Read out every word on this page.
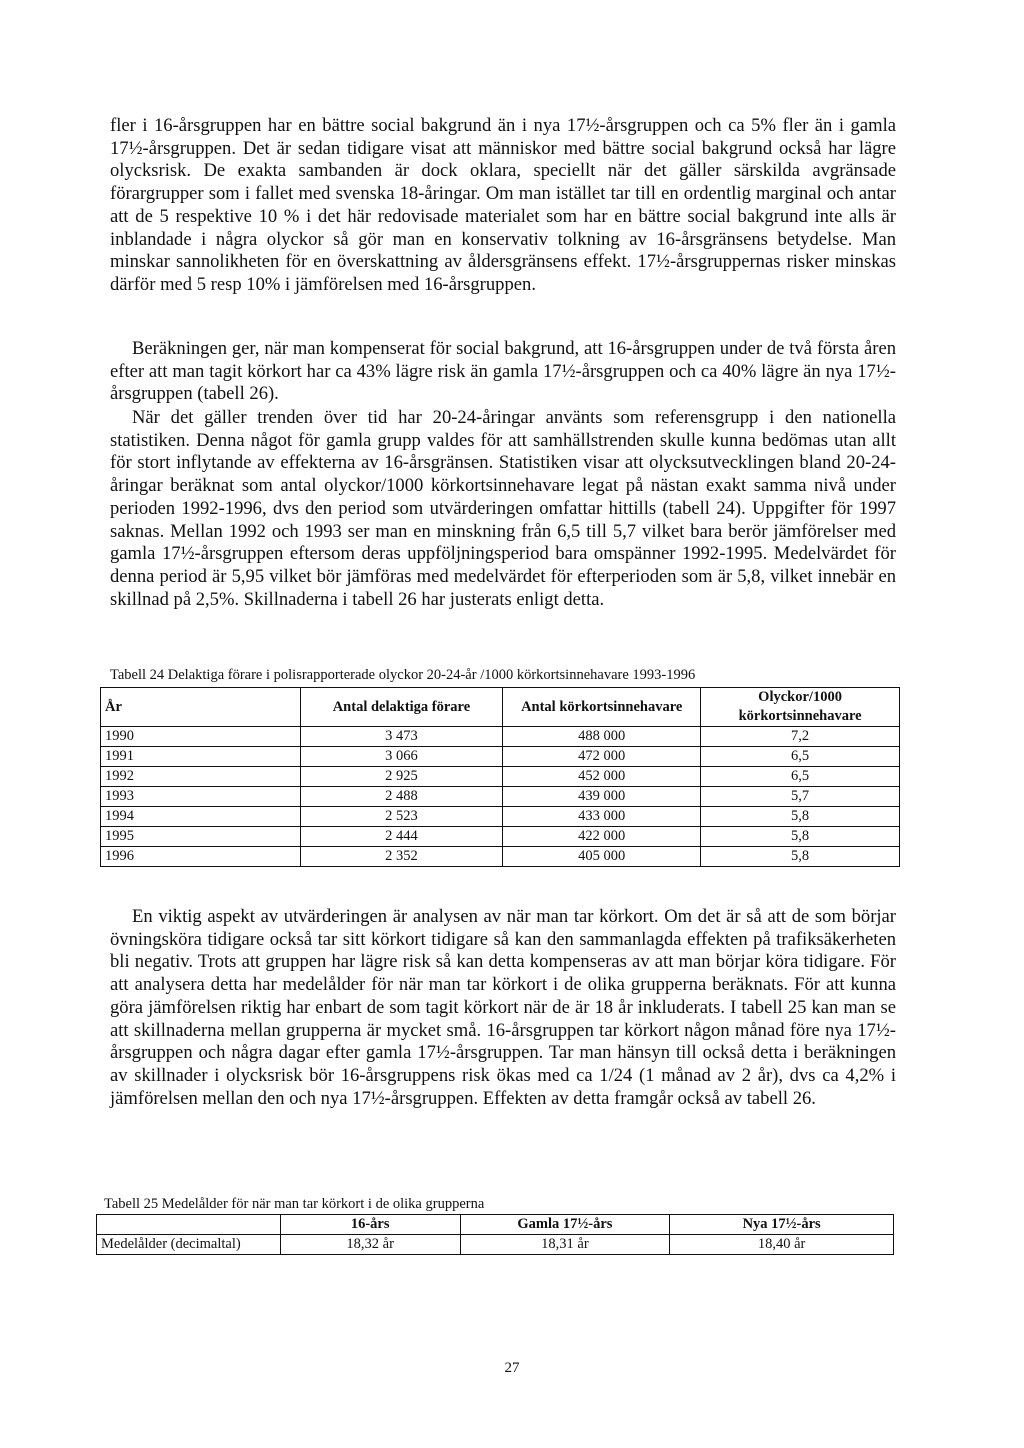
fler i 16-årsgruppen har en bättre social bakgrund än i nya 17½-årsgruppen och ca 5% fler än i gamla 17½-årsgruppen. Det är sedan tidigare visat att människor med bättre social bakgrund också har lägre olycksrisk. De exakta sambanden är dock oklara, speciellt när det gäller särskilda avgränsade förargrupper som i fallet med svenska 18-åringar. Om man istället tar till en ordentlig marginal och antar att de 5 respektive 10 % i det här redovisade materialet som har en bättre social bakgrund inte alls är inblandade i några olyckor så gör man en konservativ tolkning av 16-årsgränsens betydelse. Man minskar sannolikheten för en överskattning av åldersgränsens effekt. 17½-årsgruppernas risker minskas därför med 5 resp 10% i jämförelsen med 16-årsgruppen.

Beräkningen ger, när man kompenserat för social bakgrund, att 16-årsgruppen under de två första åren efter att man tagit körkort har ca 43% lägre risk än gamla 17½-årsgruppen och ca 40% lägre än nya 17½-årsgruppen (tabell 26).

När det gäller trenden över tid har 20-24-åringar använts som referensgrupp i den nationella statistiken. Denna något för gamla grupp valdes för att samhällstrenden skulle kunna bedömas utan allt för stort inflytande av effekterna av 16-årsgränsen. Statistiken visar att olycksutvecklingen bland 20-24-åringar beräknat som antal olyckor/1000 körkortsinnehavare legat på nästan exakt samma nivå under perioden 1992-1996, dvs den period som utvärderingen omfattar hittills (tabell 24). Uppgifter för 1997 saknas. Mellan 1992 och 1993 ser man en minskning från 6,5 till 5,7 vilket bara berör jämförelser med gamla 17½-årsgruppen eftersom deras uppföljningsperiod bara omspänner 1992-1995. Medelvärdet för denna period är 5,95 vilket bör jämföras med medelvärdet för efterperioden som är 5,8, vilket innebär en skillnad på 2,5%. Skillnaderna i tabell 26 har justerats enligt detta.

Tabell 24 Delaktiga förare i polisrapporterade olyckor 20-24-år /1000 körkortsinnehavare 1993-1996

År	Antal delaktiga förare	Antal körkortsinnehavare	Olyckor/1000 körkortsinnehavare
1990	3 473	488 000	7,2
1991	3 066	472 000	6,5
1992	2 925	452 000	6,5
1993	2 488	439 000	5,7
1994	2 523	433 000	5,8
1995	2 444	422 000	5,8
1996	2 352	405 000	5,8

En viktig aspekt av utvärderingen är analysen av när man tar körkort. Om det är så att de som börjar övningsköra tidigare också tar sitt körkort tidigare så kan den sammanlagda effekten på trafiksäkerheten bli negativ. Trots att gruppen har lägre risk så kan detta kompenseras av att man börjar köra tidigare. För att analysera detta har medelålder för när man tar körkort i de olika grupperna beräknats. För att kunna göra jämförelsen riktig har enbart de som tagit körkort när de är 18 år inkluderats. I tabell 25 kan man se att skillnaderna mellan grupperna är mycket små. 16-årsgruppen tar körkort någon månad före nya 17½-årsgruppen och några dagar efter gamla 17½-årsgruppen. Tar man hänsyn till också detta i beräkningen av skillnader i olycksrisk bör 16-årsgruppens risk ökas med ca 1/24 (1 månad av 2 år), dvs ca 4,2% i jämförelsen mellan den och nya 17½-årsgruppen. Effekten av detta framgår också av tabell 26.

Tabell 25 Medelålder för när man tar körkort i de olika grupperna

	16-års	Gamla 17½-års	Nya 17½-års
Medelålder (decimaltal)	18,32 år	18,31 år	18,40 år
27
